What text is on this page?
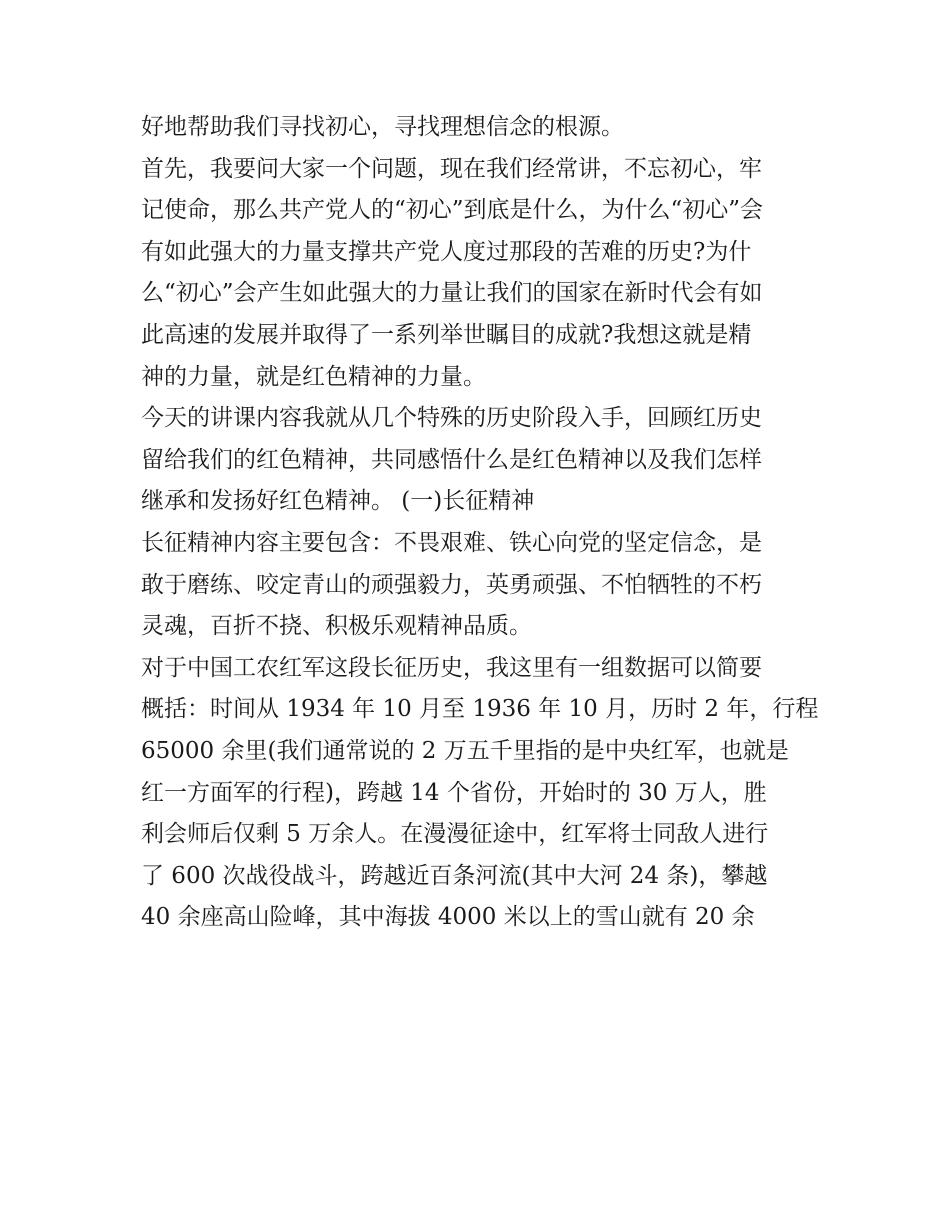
好地帮助我们寻找初心，寻找理想信念的根源。
首先，我要问大家一个问题，现在我们经常讲，不忘初心，牢
记使命，那么共产党人的“初心”到底是什么，为什么“初心”会
有如此强大的力量支撑共产党人度过那段的苦难的历史?为什
么“初心”会产生如此强大的力量让我们的国家在新时代会有如
此高速的发展并取得了一系列举世瞩目的成就?我想这就是精
神的力量，就是红色精神的力量。
今天的讲课内容我就从几个特殊的历史阶段入手，回顾红历史
留给我们的红色精神，共同感悟什么是红色精神以及我们怎样
继承和发扬好红色精神。 (一)长征精神
长征精神内容主要包含：不畏艰难、铁心向党的坚定信念，是
敢于磨练、咬定青山的顽强毅力，英勇顽强、不怕牺牲的不朽
灵魂，百折不挠、积极乐观精神品质。
对于中国工农红军这段长征历史，我这里有一组数据可以简要
概括：时间从 1934 年 10 月至 1936 年 10 月，历时 2 年，行程
65000 余里(我们通常说的 2 万五千里指的是中央红军，也就是
红一方面军的行程)，跨越 14 个省份，开始时的 30 万人，胜
利会师后仅剩 5 万余人。在漫漫征途中，红军将士同敌人进行
了 600 次战役战斗，跨越近百条河流(其中大河 24 条)，攀越
40 余座高山险峰，其中海拔 4000 米以上的雪山就有 20 余
